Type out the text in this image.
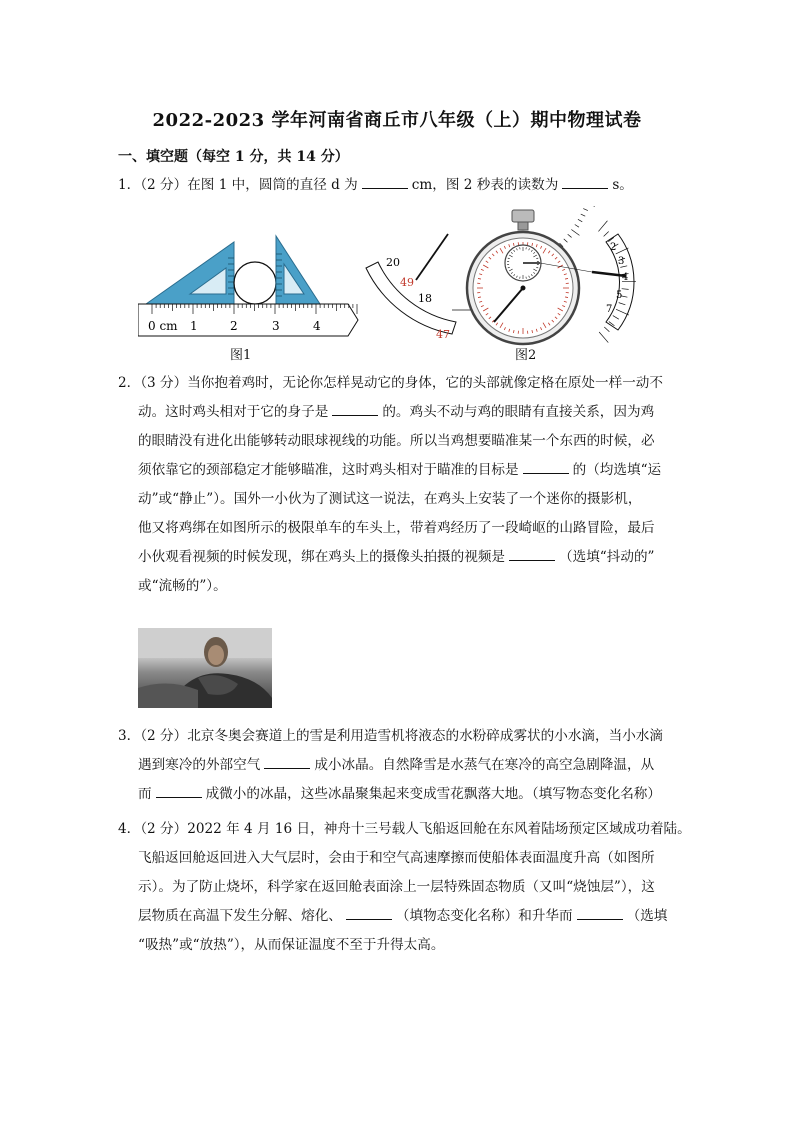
2022-2023 学年河南省商丘市八年级（上）期中物理试卷
一、填空题（每空 1 分，共 14 分）
1．（2 分）在图 1 中，圆筒的直径 d 为	cm，图 2 秒表的读数为	s。
0 cm 1	2	3	4
图1
20
49
18
47
2
3
4
5
7
图2
2．（3 分）当你抱着鸡时，无论你怎样晃动它的身体，它的头部就像定格在原处一样一动不
动。这时鸡头相对于它的身子是	的。鸡头不动与鸡的眼睛有直接关系，因为鸡
的眼睛没有进化出能够转动眼球视线的功能。所以当鸡想要瞄准某一个东西的时候，必
须依靠它的颈部稳定才能够瞄准，这时鸡头相对于瞄准的目标是	的（均选填“运
动”或“静止”）。国外一小伙为了测试这一说法，在鸡头上安装了一个迷你的摄影机，
他又将鸡绑在如图所示的极限单车的车头上，带着鸡经历了一段崎岖的山路冒险，最后
小伙观看视频的时候发现，绑在鸡头上的摄像头拍摄的视频是	（选填“抖动的”
或“流畅的”）。
3．（2 分）北京冬奥会赛道上的雪是利用造雪机将液态的水粉碎成雾状的小水滴，当小水滴
遇到寒冷的外部空气	成小冰晶。自然降雪是水蒸气在寒冷的高空急剧降温，从
而	成微小的冰晶，这些冰晶聚集起来变成雪花飘落大地。（填写物态变化名称）
4．（2 分）2022 年 4 月 16 日，神舟十三号载人飞船返回舱在东风着陆场预定区域成功着陆。
飞船返回舱返回进入大气层时，会由于和空气高速摩擦而使船体表面温度升高（如图所
示）。为了防止烧坏，科学家在返回舱表面涂上一层特殊固态物质（又叫“烧蚀层”），这
层物质在高温下发生分解、熔化、	（填物态变化名称）和升华而	（选填
“吸热”或“放热”），从而保证温度不至于升得太高。
